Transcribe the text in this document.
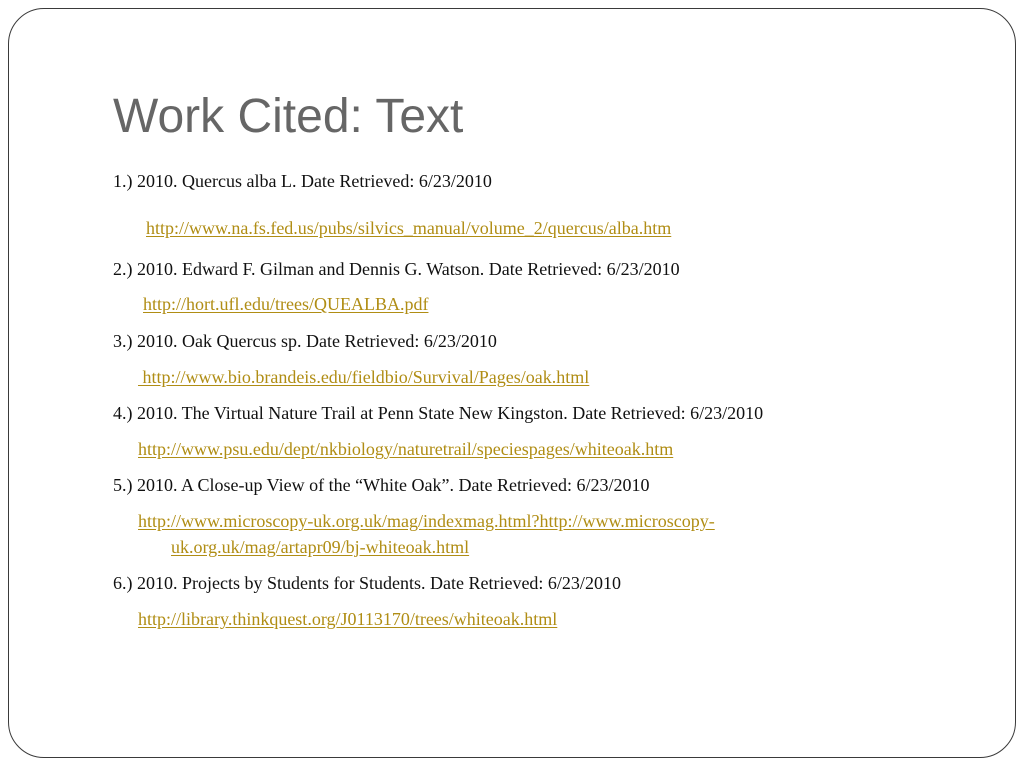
Work Cited: Text

1.) 2010. Quercus alba L. Date Retrieved: 6/23/2010

http://www.na.fs.fed.us/pubs/silvics_manual/volume_2/quercus/alba.htm

2.) 2010. Edward F. Gilman and Dennis G. Watson. Date Retrieved: 6/23/2010

http://hort.ufl.edu/trees/QUEALBA.pdf

3.) 2010. Oak Quercus sp. Date Retrieved: 6/23/2010

http://www.bio.brandeis.edu/fieldbio/Survival/Pages/oak.html

4.) 2010. The Virtual Nature Trail at Penn State New Kingston. Date Retrieved: 6/23/2010

http://www.psu.edu/dept/nkbiology/naturetrail/speciespages/whiteoak.htm

5.) 2010. A Close-up View of the “White Oak”. Date Retrieved: 6/23/2010

http://www.microscopy-uk.org.uk/mag/indexmag.html?http://www.microscopy-
uk.org.uk/mag/artapr09/bj-whiteoak.html

6.) 2010. Projects by Students for Students. Date Retrieved: 6/23/2010

http://library.thinkquest.org/J0113170/trees/whiteoak.html
